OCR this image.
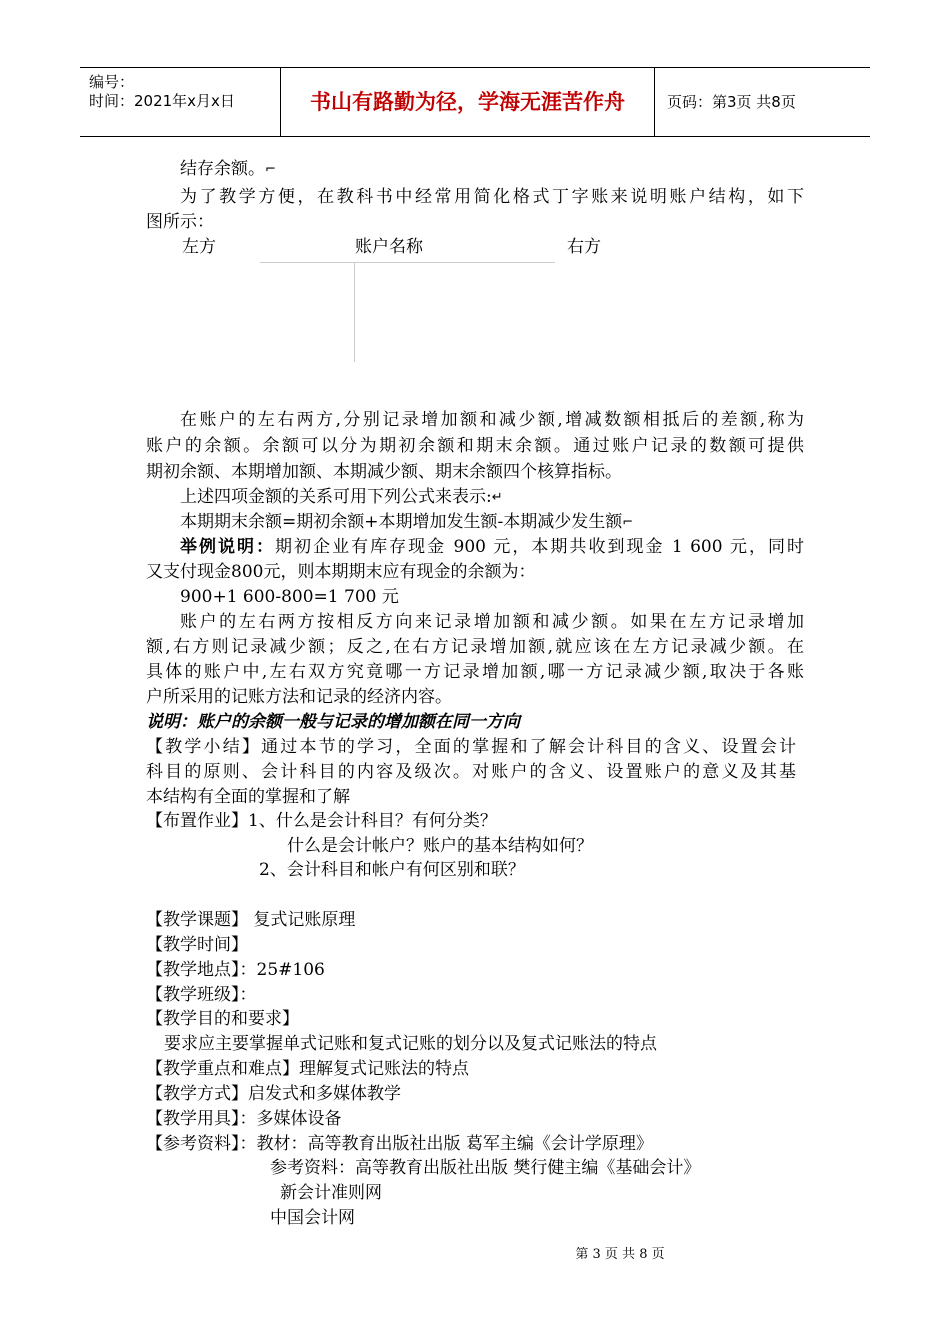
编号：
时间：2021年x月x日	书山有路勤为径，学海无涯苦作舟	页码：第3页 共8页
结存余额。⌐
为了教学方便，在教科书中经常用简化格式丁字账来说明账户结构，如下
图所示：
左方	账户名称	右方
在账户的左右两方,分别记录增加额和减少额,增减数额相抵后的差额,称为
账户的余额。余额可以分为期初余额和期末余额。通过账户记录的数额可提供
期初余额、本期增加额、本期减少额、期末余额四个核算指标。
上述四项金额的关系可用下列公式来表示:↵
本期期末余额=期初余额+本期增加发生额-本期减少发生额⌐
举例说明：期初企业有库存现金 900 元，本期共收到现金 1 600 元，同时
又支付现金800元，则本期期末应有现金的余额为：
900+1 600-800=1 700 元
账户的左右两方按相反方向来记录增加额和减少额。如果在左方记录增加
额,右方则记录减少额；反之,在右方记录增加额,就应该在左方记录减少额。在
具体的账户中,左右双方究竟哪一方记录增加额,哪一方记录减少额,取决于各账
户所采用的记账方法和记录的经济内容。
说明：账户的余额一般与记录的增加额在同一方向
【教学小结】通过本节的学习，全面的掌握和了解会计科目的含义、设置会计
科目的原则、会计科目的内容及级次。对账户的含义、设置账户的意义及其基
本结构有全面的掌握和了解
【布置作业】1、什么是会计科目？有何分类？
什么是会计帐户？账户的基本结构如何？
2、会计科目和帐户有何区别和联？
【教学课题】 复式记账原理
【教学时间】
【教学地点】：25#106
【教学班级】：
【教学目的和要求】
要求应主要掌握单式记账和复式记账的划分以及复式记账法的特点
【教学重点和难点】理解复式记账法的特点
【教学方式】启发式和多媒体教学
【教学用具】：多媒体设备
【参考资料】：教材：高等教育出版社出版 葛军主编《会计学原理》
参考资料：高等教育出版社出版 樊行健主编《基础会计》
新会计准则网
中国会计网
第 3 页 共 8 页
